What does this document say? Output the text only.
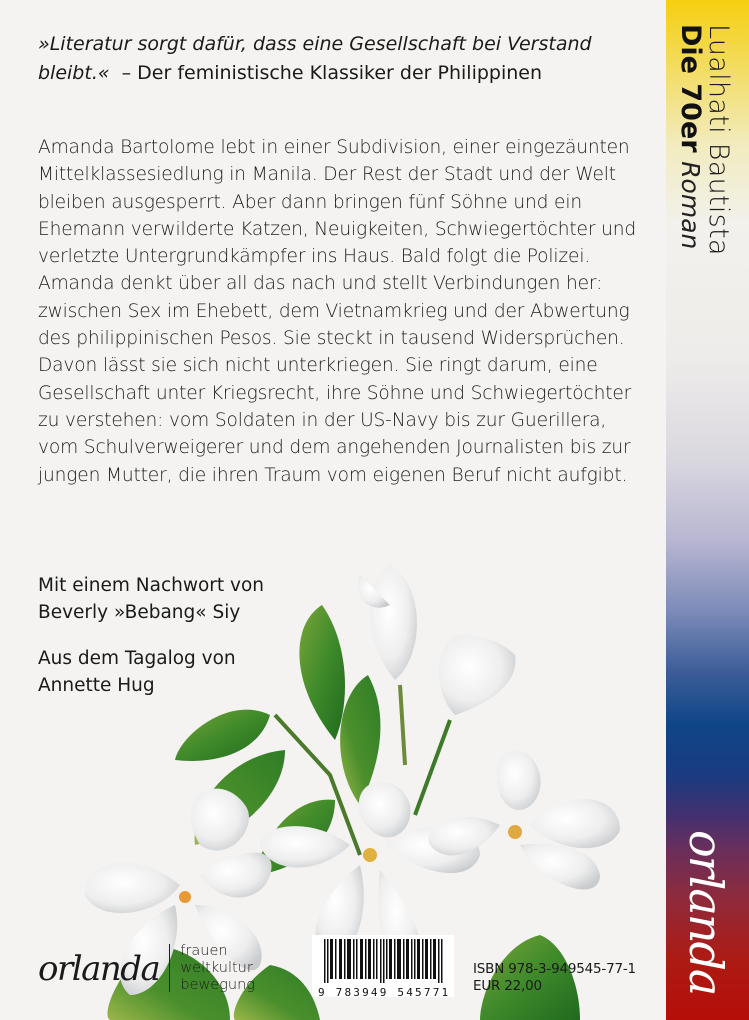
»Literatur sorgt dafür, dass eine Gesellschaft bei Verstand bleibt.« – Der feministische Klassiker der Philippinen

Amanda Bartolome lebt in einer Subdivision, einer eingezäunten Mittelklassesiedlung in Manila. Der Rest der Stadt und der Welt bleiben ausgesperrt. Aber dann bringen fünf Söhne und ein Ehemann verwilderte Katzen, Neuigkeiten, Schwiegertöchter und verletzte Untergrundkämpfer ins Haus. Bald folgt die Polizei.

Amanda denkt über all das nach und stellt Verbindungen her: zwischen Sex im Ehebett, dem Vietnamkrieg und der Abwertung des philippinischen Pesos. Sie steckt in tausend Widersprüchen. Davon lässt sie sich nicht unterkriegen. Sie ringt darum, eine Gesellschaft unter Kriegsrecht, ihre Söhne und Schwiegertöchter zu verstehen: vom Soldaten in der US-Navy bis zur Guerillera, vom Schulverweigerer und dem angehenden Journalisten bis zur jungen Mutter, die ihren Traum vom eigenen Beruf nicht aufgibt.

Mit einem Nachwort von
Beverly »Bebang« Siy
Aus dem Tagalog von
Annette Hug
orlanda	frauen
weltkultur
bewegung	9 783949 545771
ISBN 978-3-949545-77-1
EUR 22,00
Lualhati Bautista
Die 70er Roman
orlanda
